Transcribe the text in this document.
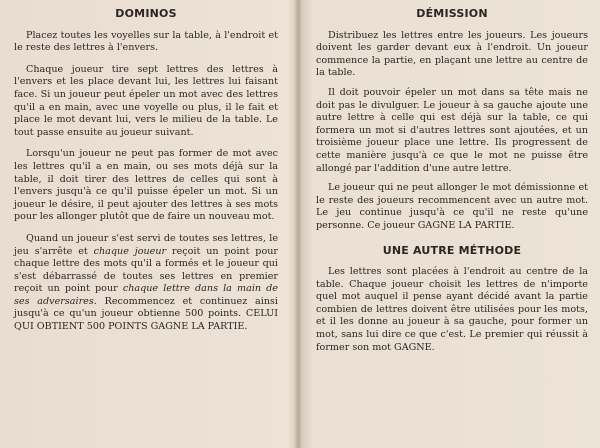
DOMINOS

Placez toutes les voyelles sur la table, à l'endroit et le reste des lettres à l'envers.

Chaque joueur tire sept lettres des lettres à l'envers et les place devant lui, les lettres lui faisant face. Si un joueur peut épeler un mot avec des lettres qu'il a en main, avec une voyelle ou plus, il le fait et place le mot devant lui, vers le milieu de la table. Le tout passe ensuite au joueur suivant.

Lorsqu'un joueur ne peut pas former de mot avec les lettres qu'il a en main, ou ses mots déjà sur la table, il doit tirer des lettres de celles qui sont à l'envers jusqu'à ce qu'il puisse épeler un mot. Si un joueur le désire, il peut ajouter des lettres à ses mots pour les allonger plutôt que de faire un nouveau mot.

Quand un joueur s'est servi de toutes ses lettres, le jeu s'arrête et chaque joueur reçoit un point pour chaque lettre des mots qu'il a formés et le joueur qui s'est débarrassé de toutes ses lettres en premier reçoit un point pour chaque lettre dans la main de ses adversaires. Recommencez et continuez ainsi jusqu'à ce qu'un joueur obtienne 500 points. CELUI QUI OBTIENT 500 POINTS GAGNE LA PARTIE.

DÉMISSION

Distribuez les lettres entre les joueurs. Les joueurs doivent les garder devant eux à l'endroit. Un joueur commence la partie, en plaçant une lettre au centre de la table.

Il doit pouvoir épeler un mot dans sa tête mais ne doit pas le divulguer. Le joueur à sa gauche ajoute une autre lettre à celle qui est déjà sur la table, ce qui formera un mot si d'autres lettres sont ajoutées, et un troisième joueur place une lettre. Ils progressent de cette manière jusqu'à ce que le mot ne puisse être allongé par l'addition d'une autre lettre.

Le joueur qui ne peut allonger le mot démissionne et le reste des joueurs recommencent avec un autre mot. Le jeu continue jusqu'à ce qu'il ne reste qu'une personne. Ce joueur GAGNE LA PARTIE.

UNE AUTRE MÉTHODE

Les lettres sont placées à l'endroit au centre de la table. Chaque joueur choisit les lettres de n'importe quel mot auquel il pense ayant décidé avant la partie combien de lettres doivent être utilisées pour les mots, et il les donne au joueur à sa gauche, pour former un mot, sans lui dire ce que c'est. Le premier qui réussit à former son mot GAGNE.
